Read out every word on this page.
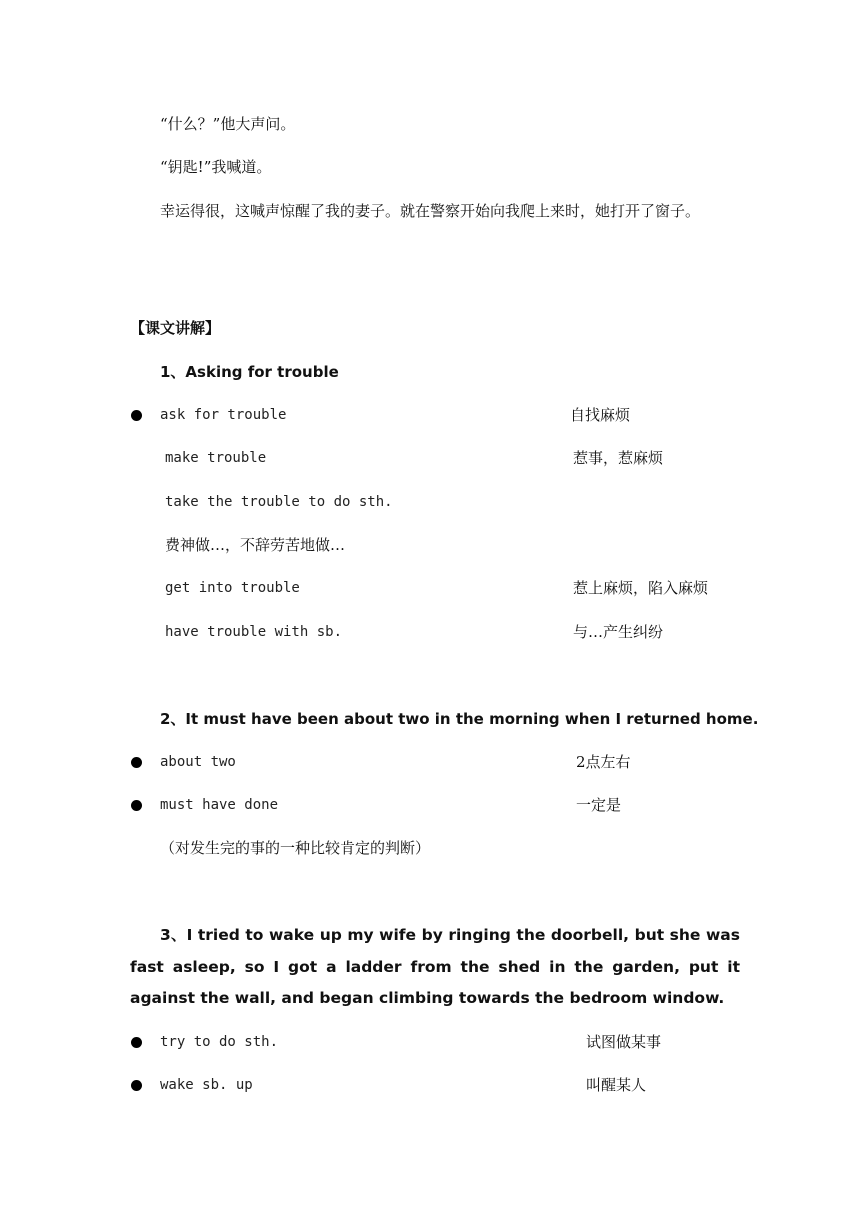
“什么？”他大声问。
“钥匙!”我喊道。
幸运得很，这喊声惊醒了我的妻子。就在警察开始向我爬上来时，她打开了窗子。
【课文讲解】
1、Asking for trouble
ask for trouble	自找麻烦
make trouble	惹事，惹麻烦
take the trouble to do sth.
费神做…，不辞劳苦地做…
get into trouble	惹上麻烦，陷入麻烦
have trouble with sb.	与…产生纠纷
2、It must have been about two in the morning when I returned home.
about two	2点左右
must have done	一定是
（对发生完的事的一种比较肯定的判断）
3、I tried to wake up my wife by ringing the doorbell, but she was fast asleep, so I got a ladder from the shed in the garden, put it against the wall, and began climbing towards the bedroom window.
try to do sth.	试图做某事
wake sb. up	叫醒某人
